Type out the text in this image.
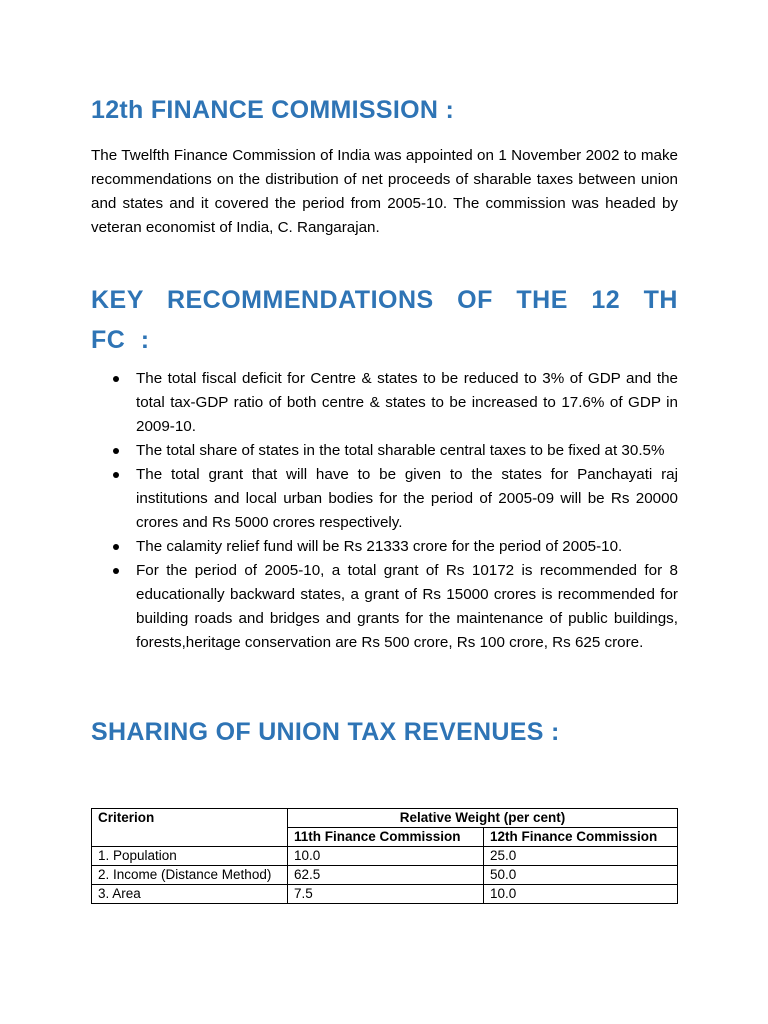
12th FINANCE COMMISSION :

The Twelfth Finance Commission of India was appointed on 1 November 2002 to make recommendations on the distribution of net proceeds of sharable taxes between union and states and it covered the period from 2005-10. The commission was headed by veteran economist of India, C. Rangarajan.

KEY RECOMMENDATIONS OF THE 12 TH FC :
The total fiscal deficit for Centre & states to be reduced to 3% of GDP and the total tax-GDP ratio of both centre & states to be increased to 17.6% of GDP in 2009-10.
The total share of states in the total sharable central taxes to be fixed at 30.5%
The total grant that will have to be given to the states for Panchayati raj institutions and local urban bodies for the period of 2005-09 will be Rs 20000 crores and Rs 5000 crores respectively.
The calamity relief fund will be Rs 21333 crore for the period of 2005-10.
For the period of 2005-10, a total grant of Rs 10172 is recommended for 8 educationally backward states, a grant of Rs 15000 crores is recommended for building roads and bridges and grants for the maintenance of public buildings, forests,heritage conservation are Rs 500 crore, Rs 100 crore, Rs 625 crore.
SHARING OF UNION TAX REVENUES :
Criterion	Relative Weight (per cent)	
	11th Finance Commission	12th Finance Commission
1. Population	10.0	25.0
2. Income (Distance Method)	62.5	50.0
3. Area	7.5	10.0
